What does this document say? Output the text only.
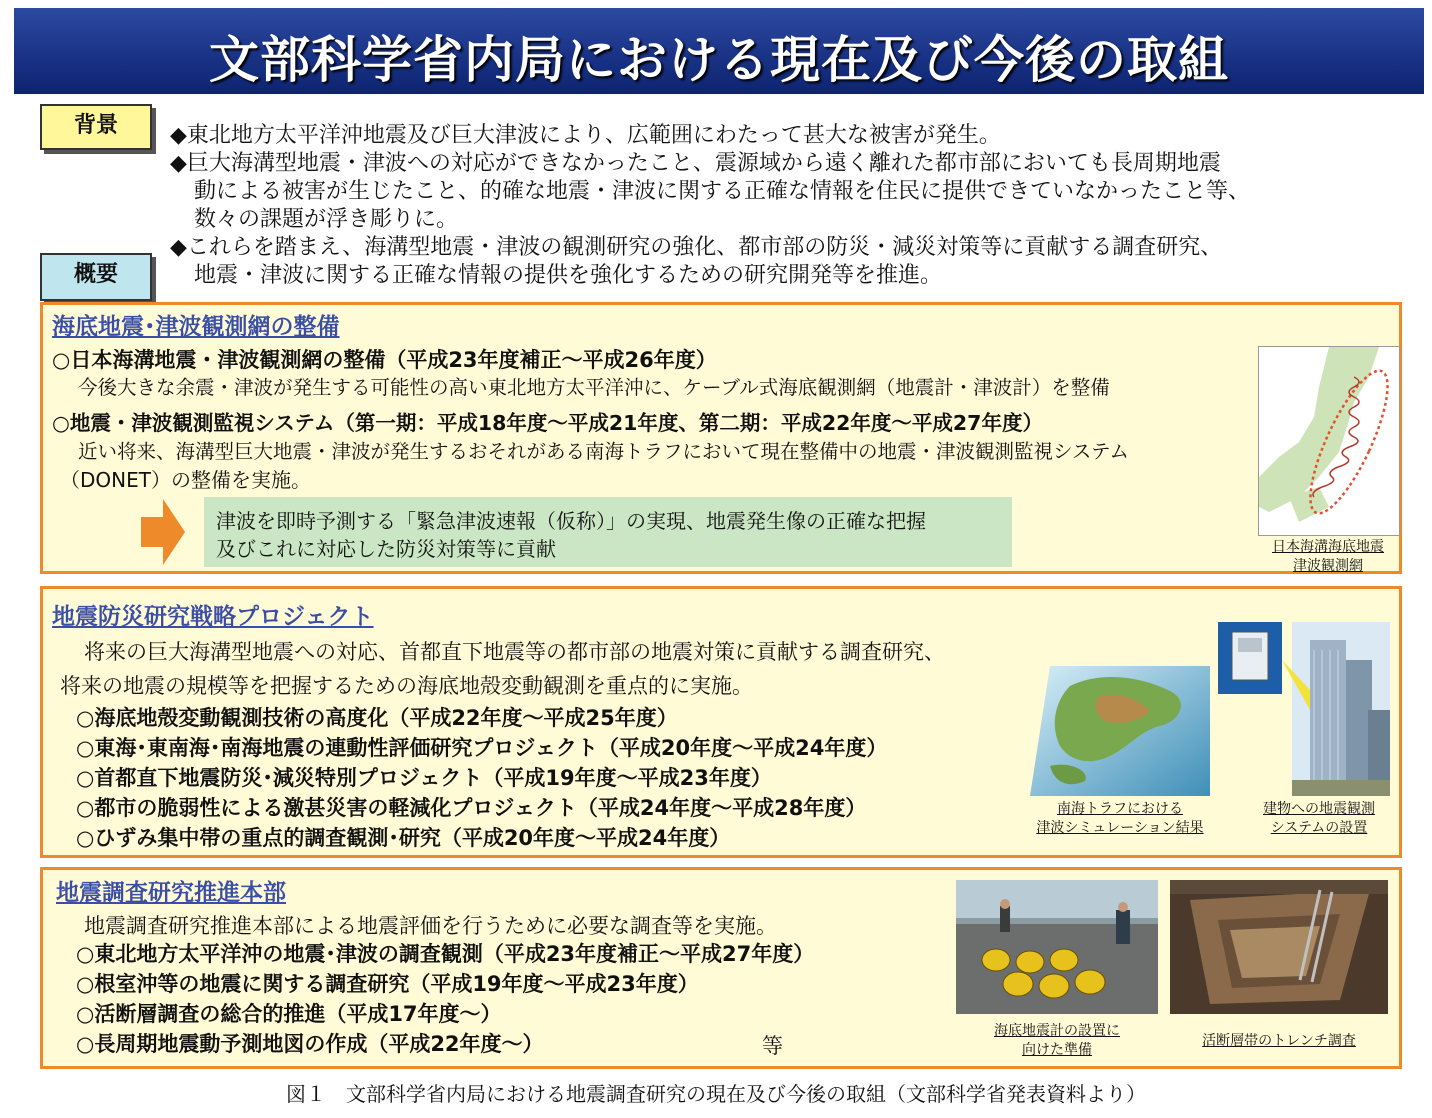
文部科学省内局における現在及び今後の取組
背景	◆東北地方太平洋沖地震及び巨大津波により、広範囲にわたって甚大な被害が発生。
◆巨大海溝型地震・津波への対応ができなかったこと、震源域から遠く離れた都市部においても長周期地震
動による被害が生じたこと、的確な地震・津波に関する正確な情報を住民に提供できていなかったこと等、
数々の課題が浮き彫りに。
◆これらを踏まえ、海溝型地震・津波の観測研究の強化、都市部の防災・減災対策等に貢献する調査研究、
地震・津波に関する正確な情報の提供を強化するための研究開発等を推進。
概要
海底地震･津波観測網の整備
○日本海溝地震・津波観測網の整備（平成23年度補正～平成26年度）
今後大きな余震・津波が発生する可能性の高い東北地方太平洋沖に、ケーブル式海底観測網（地震計・津波計）を整備
○地震・津波観測監視システム（第一期：平成18年度～平成21年度、第二期：平成22年度～平成27年度）
近い将来、海溝型巨大地震・津波が発生するおそれがある南海トラフにおいて現在整備中の地震・津波観測監視システム
（DONET）の整備を実施。
津波を即時予測する「緊急津波速報（仮称）」の実現、地震発生像の正確な把握
及びこれに対応した防災対策等に貢献	日本海溝海底地震
津波観測網
地震防災研究戦略プロジェクト
将来の巨大海溝型地震への対応、首都直下地震等の都市部の地震対策に貢献する調査研究、
将来の地震の規模等を把握するための海底地殻変動観測を重点的に実施。
○海底地殻変動観測技術の高度化（平成22年度～平成25年度）
○東海･東南海･南海地震の連動性評価研究プロジェクト（平成20年度～平成24年度）
○首都直下地震防災･減災特別プロジェクト（平成19年度～平成23年度）
○都市の脆弱性による激甚災害の軽減化プロジェクト（平成24年度～平成28年度）
○ひずみ集中帯の重点的調査観測･研究（平成20年度～平成24年度）
南海トラフにおける
津波シミュレーション結果
建物への地震観測
システムの設置
地震調査研究推進本部
地震調査研究推進本部による地震評価を行うために必要な調査等を実施。
○東北地方太平洋沖の地震･津波の調査観測（平成23年度補正～平成27年度）
○根室沖等の地震に関する調査研究（平成19年度～平成23年度）
○活断層調査の総合的推進（平成17年度～）
○長周期地震動予測地図の作成（平成22年度～）	等
海底地震計の設置に
向けた準備
活断層帯のトレンチ調査
図１　文部科学省内局における地震調査研究の現在及び今後の取組（文部科学省発表資料より）
